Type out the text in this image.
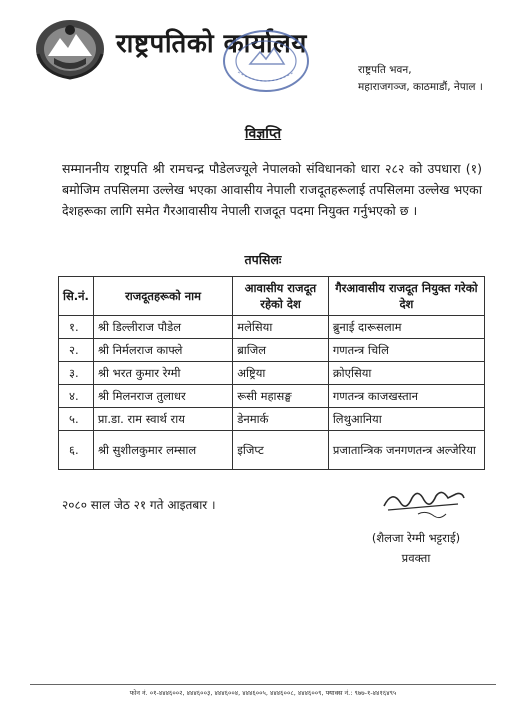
राष्ट्रपतिको कार्यालय
राष्ट्रपति भवन,
महाराजगञ्ज, काठमाडौं, नेपाल ।
विज्ञप्ति
सम्माननीय राष्ट्रपति श्री रामचन्द्र पौडेलज्यूले नेपालको संविधानको धारा २८२ को उपधारा (१) बमोजिम तपसिलमा उल्लेख भएका आवासीय नेपाली राजदूतहरूलाई तपसिलमा उल्लेख भएका देशहरूका लागि समेत गैरआवासीय नेपाली राजदूत पदमा नियुक्त गर्नुभएको छ ।
तपसिलः
सि.नं.	राजदूतहरूको नाम	आवासीय राजदूत रहेको देश	गैरआवासीय राजदूत नियुक्त गरेको देश
१.	श्री डिल्लीराज पौडेल	मलेसिया	ब्रुनाई दारूसलाम
२.	श्री निर्मलराज काफ्ले	ब्राजिल	गणतन्त्र चिलि
३.	श्री भरत कुमार रेग्मी	अष्ट्रिया	क्रोएसिया
४.	श्री मिलनराज तुलाधर	रूसी महासङ्घ	गणतन्त्र काजखस्तान
५.	प्रा.डा. राम स्वार्थ राय	डेनमार्क	लिथुआनिया
६.	श्री सुशीलकुमार लम्साल	इजिप्ट	प्रजातान्त्रिक जनगणतन्त्र अल्जेरिया
२०८० साल जेठ २१ गते आइतबार ।
(शैलजा रेग्मी भट्टराई)
प्रवक्ता
फोन नं. ०१-४४४६००२, ४४४६००३, ४४४६००४, ४४४६००५, ४४४६००८, ४४४६००९, फ्याक्स नं.: ९७७-१-४४१६४९५
